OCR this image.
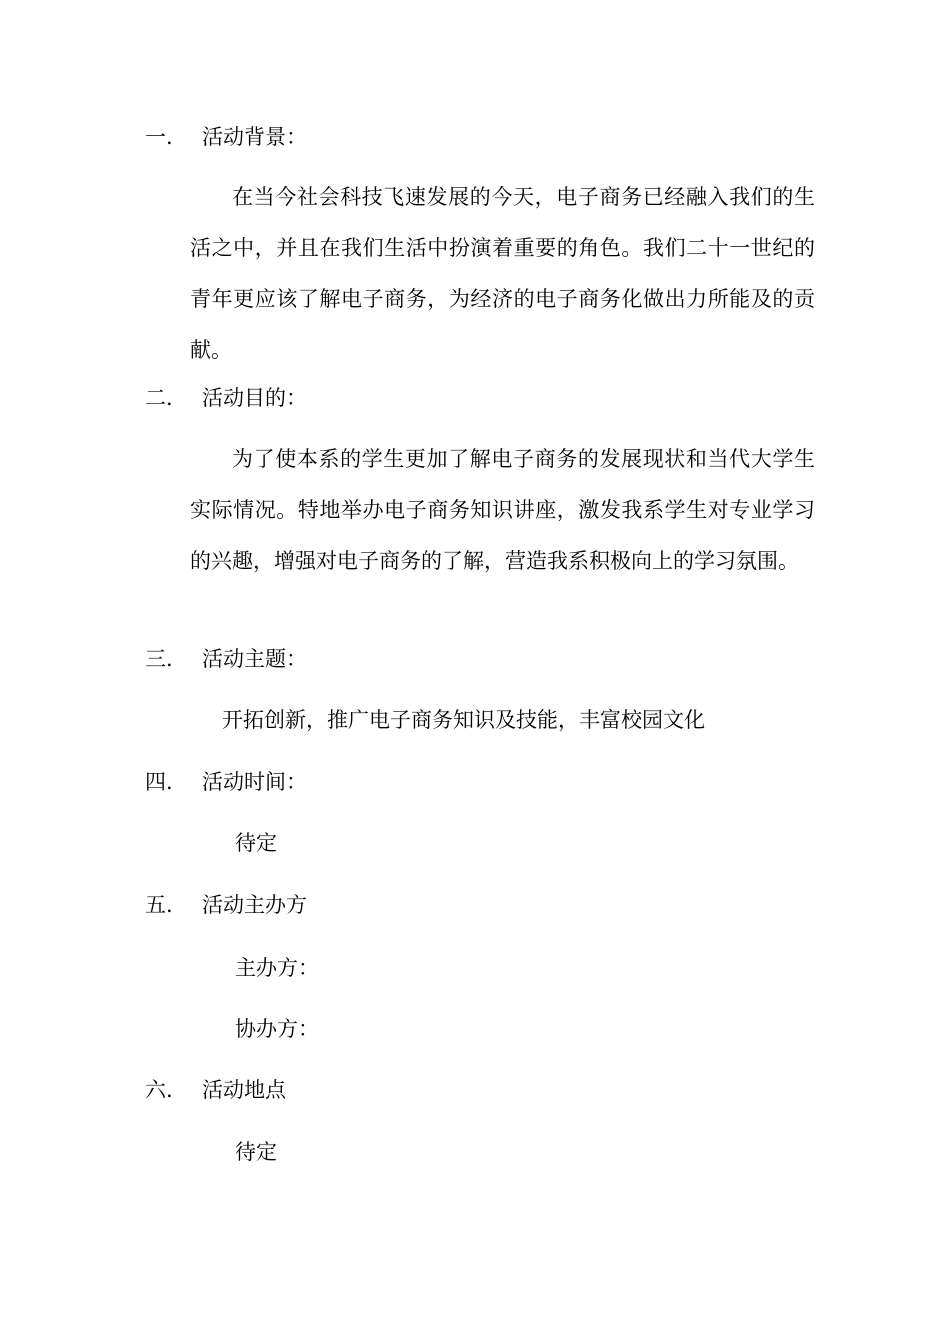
一. 活动背景：

在当今社会科技飞速发展的今天，电子商务已经融入我们的生活之中，并且在我们生活中扮演着重要的角色。我们二十一世纪的青年更应该了解电子商务，为经济的电子商务化做出力所能及的贡献。

二. 活动目的：

为了使本系的学生更加了解电子商务的发展现状和当代大学生实际情况。特地举办电子商务知识讲座，激发我系学生对专业学习的兴趣，增强对电子商务的了解，营造我系积极向上的学习氛围。

三. 活动主题：
开拓创新，推广电子商务知识及技能，丰富校园文化
四. 活动时间：
待定
五. 活动主办方
主办方：
协办方：
六. 活动地点
待定
